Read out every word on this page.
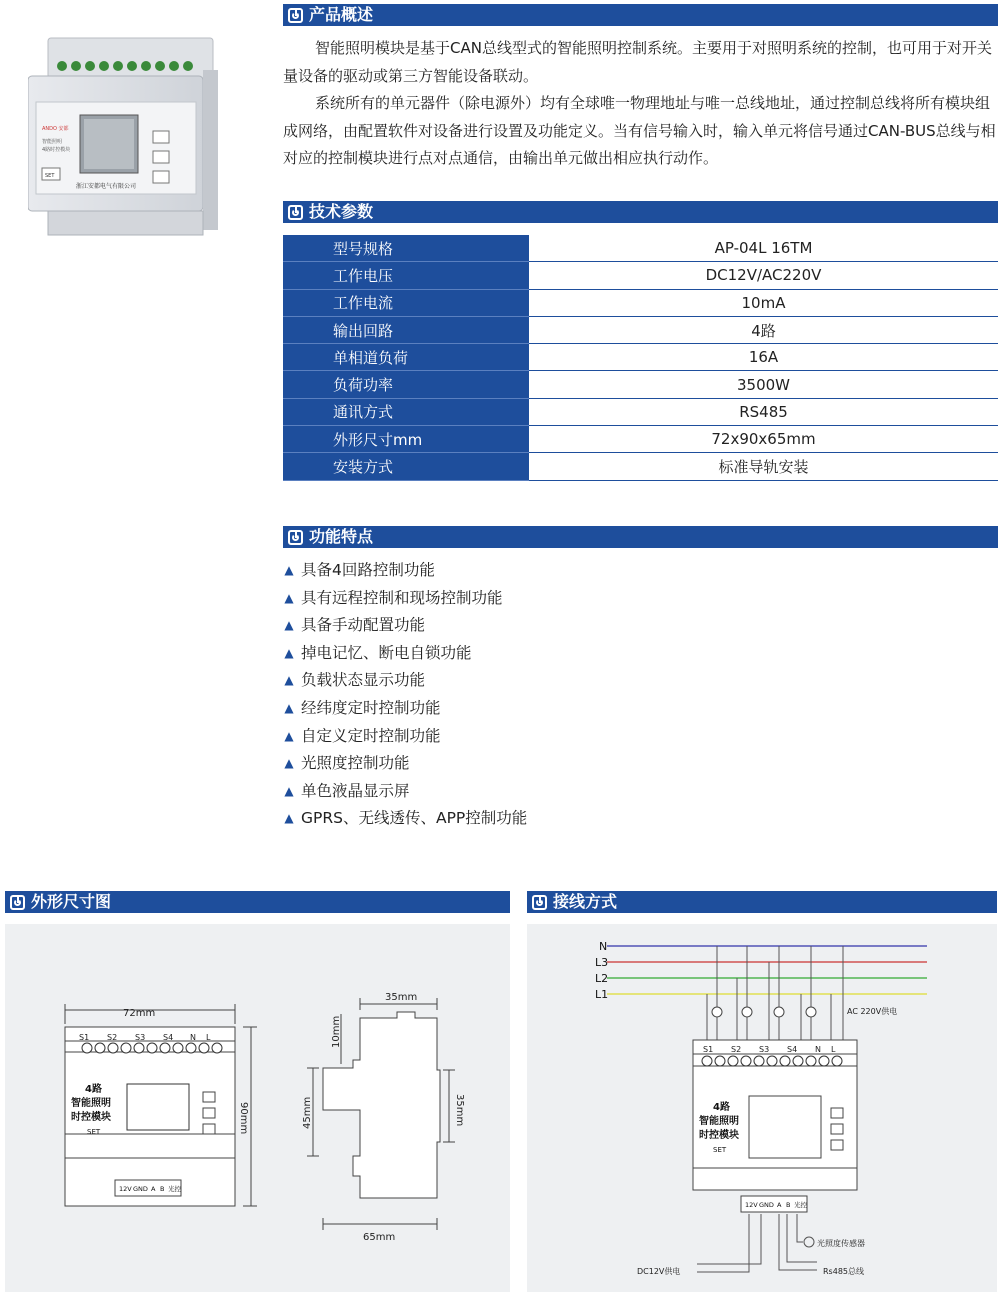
ANDO 安都
智能照明
4路时控模块
浙江安都电气有限公司
SET
产品概述

智能照明模块是基于CAN总线型式的智能照明控制系统。主要用于对照明系统的控制，也可用于对开关量设备的驱动或第三方智能设备联动。

系统所有的单元器件（除电源外）均有全球唯一物理地址与唯一总线地址，通过控制总线将所有模块组成网络，由配置软件对设备进行设置及功能定义。当有信号输入时，输入单元将信号通过CAN-BUS总线与相对应的控制模块进行点对点通信，由输出单元做出相应执行动作。

技术参数
型号规格	AP-04L 16TM
工作电压	DC12V/AC220V
工作电流	10mA
输出回路	4路
单相道负荷	16A
负荷功率	3500W
通讯方式	RS485
外形尺寸mm	72x90x65mm
安装方式	标准导轨安装
功能特点
▲ 具备4回路控制功能
▲ 具有远程控制和现场控制功能
▲ 具备手动配置功能
▲ 掉电记忆、断电自锁功能
▲ 负载状态显示功能
▲ 经纬度定时控制功能
▲ 自定义定时控制功能
▲ 光照度控制功能
▲ 单色液晶显示屏
▲ GPRS、无线透传、APP控制功能
外形尺寸图
S1 S2 S3 S4 N L
4路
智能照明
时控模块
SET
12V GND A B 光控
72mm
90mm
65mm
35mm
35mm
45mm
10mm
接线方式
N
L3
L2
L1
AC 220V供电
S1 S2 S3 S4 N L
4路
智能照明
时控模块
SET
12V GND A B 光控
光照度传感器
DC12V供电	Rs485总线
